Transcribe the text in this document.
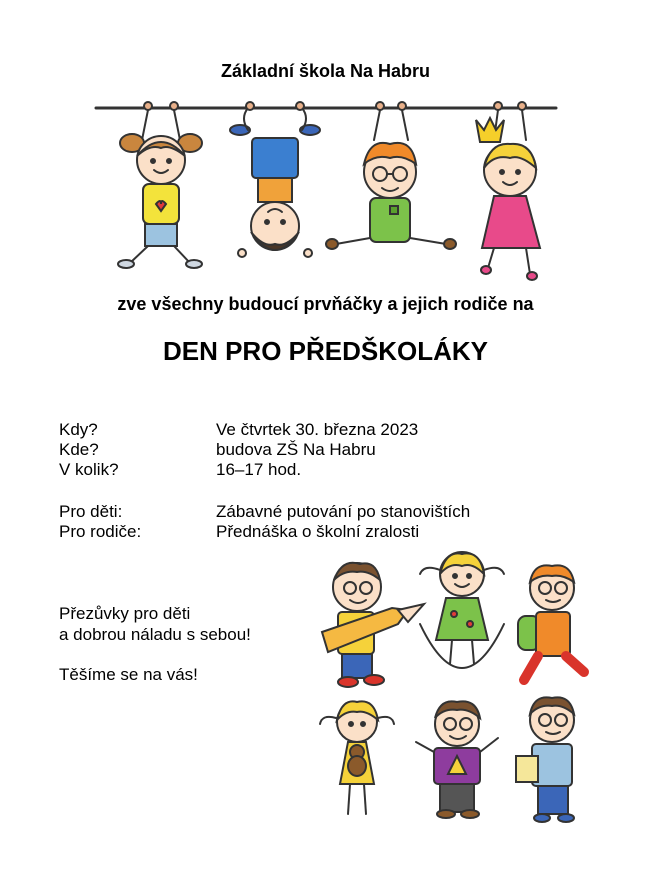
Základní škola Na Habru
zve všechny budoucí prvňáčky a jejich rodiče na
DEN PRO PŘEDŠKOLÁKY
Kdy?	Ve čtvrtek 30. března 2023
Kde?	budova ZŠ Na Habru
V kolik?	16–17 hod.
Pro děti:	Zábavné putování po stanovištích
Pro rodiče:	Přednáška o školní zralosti
Přezůvky pro děti
a dobrou náladu s sebou!
Těšíme se na vás!
